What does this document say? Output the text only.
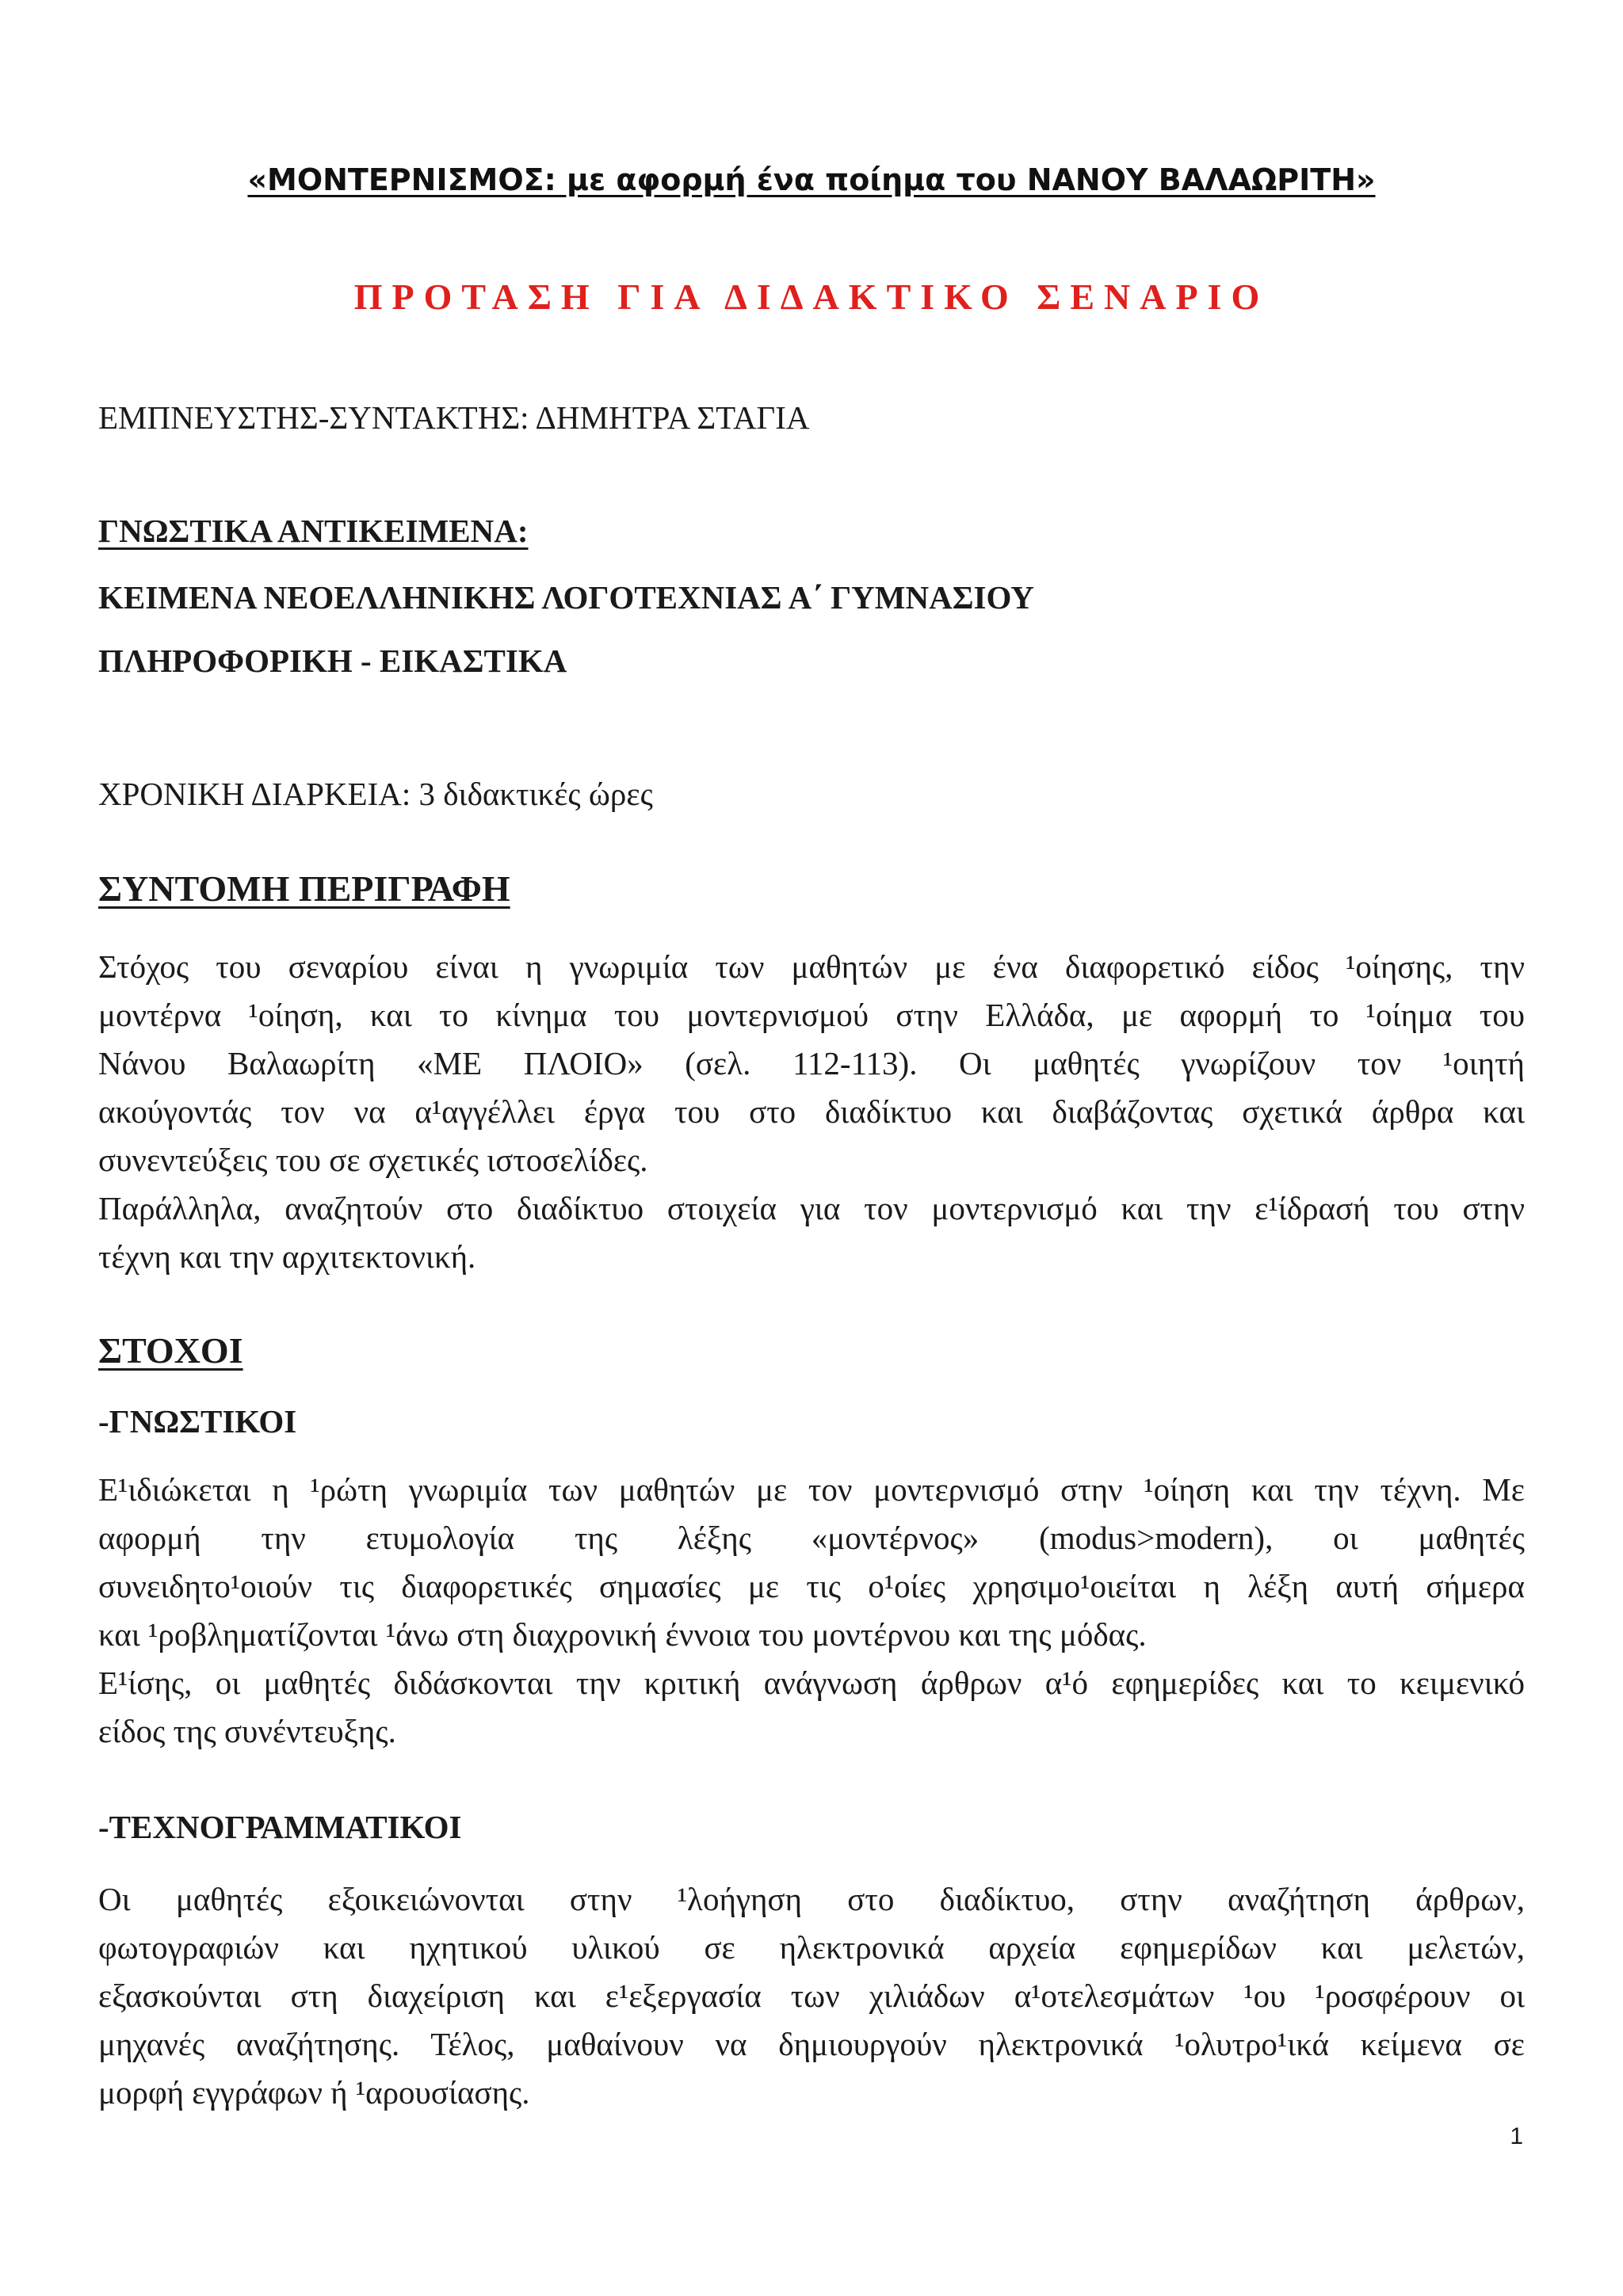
«ΜΟΝΤΕΡΝΙΣΜΟΣ: με αφορμή ένα ποίημα του ΝΑΝΟΥ ΒΑΛΑΩΡΙΤΗ»
ΠΡΟΤΑΣΗ ΓΙΑ ΔΙΔΑΚΤΙΚΟ ΣΕΝΑΡΙΟ
ΕΜΠΝΕΥΣΤΗΣ-ΣΥΝΤΑΚΤΗΣ: ΔΗΜΗΤΡΑ ΣΤΑΓΙΑ
ΓΝΩΣΤΙΚΑ ΑΝΤΙΚΕΙΜΕΝΑ:
ΚΕΙΜΕΝΑ ΝΕΟΕΛΛΗΝΙΚΗΣ ΛΟΓΟΤΕΧΝΙΑΣ Α΄ ΓΥΜΝΑΣΙΟΥ
ΠΛΗΡΟΦΟΡΙΚΗ - ΕΙΚΑΣΤΙΚΑ
ΧΡΟΝΙΚΗ ΔΙΑΡΚΕΙΑ: 3 διδακτικές ώρες
ΣΥΝΤΟΜΗ ΠΕΡΙΓΡΑΦΗ
Στόχος του σεναρίου είναι η γνωριμία των μαθητών με ένα διαφορετικό είδος ¹οίησης, την
μοντέρνα ¹οίηση, και το κίνημα του μοντερνισμού στην Ελλάδα, με αφορμή το ¹οίημα του
Νάνου Βαλαωρίτη «ΜΕ ΠΛΟΙΟ» (σελ. 112-113). Οι μαθητές γνωρίζουν τον ¹οιητή
ακούγοντάς τον να α¹αγγέλλει έργα του στο διαδίκτυο και διαβάζοντας σχετικά άρθρα και
συνεντεύξεις του σε σχετικές ιστοσελίδες.
Παράλληλα, αναζητούν στο διαδίκτυο στοιχεία για τον μοντερνισμό και την ε¹ίδρασή του στην
τέχνη και την αρχιτεκτονική.
ΣΤΟΧΟΙ
-ΓΝΩΣΤΙΚΟΙ
Ε¹ιδιώκεται η ¹ρώτη γνωριμία των μαθητών με τον μοντερνισμό στην ¹οίηση και την τέχνη. Με
αφορμή την ετυμολογία της λέξης «μοντέρνος» (modus>modern), οι μαθητές
συνειδητο¹οιούν τις διαφορετικές σημασίες με τις ο¹οίες χρησιμο¹οιείται η λέξη αυτή σήμερα
και ¹ροβληματίζονται ¹άνω στη διαχρονική έννοια του μοντέρνου και της μόδας.
Ε¹ίσης, οι μαθητές διδάσκονται την κριτική ανάγνωση άρθρων α¹ό εφημερίδες και το κειμενικό
είδος της συνέντευξης.
-ΤΕΧΝΟΓΡΑΜΜΑΤΙΚΟΙ
Οι μαθητές εξοικειώνονται στην ¹λοήγηση στο διαδίκτυο, στην αναζήτηση άρθρων,
φωτογραφιών και ηχητικού υλικού σε ηλεκτρονικά αρχεία εφημερίδων και μελετών,
εξασκούνται στη διαχείριση και ε¹εξεργασία των χιλιάδων α¹οτελεσμάτων ¹ου ¹ροσφέρουν οι
μηχανές αναζήτησης. Τέλος, μαθαίνουν να δημιουργούν ηλεκτρονικά ¹ολυτρο¹ικά κείμενα σε
μορφή εγγράφων ή ¹αρουσίασης.
1
